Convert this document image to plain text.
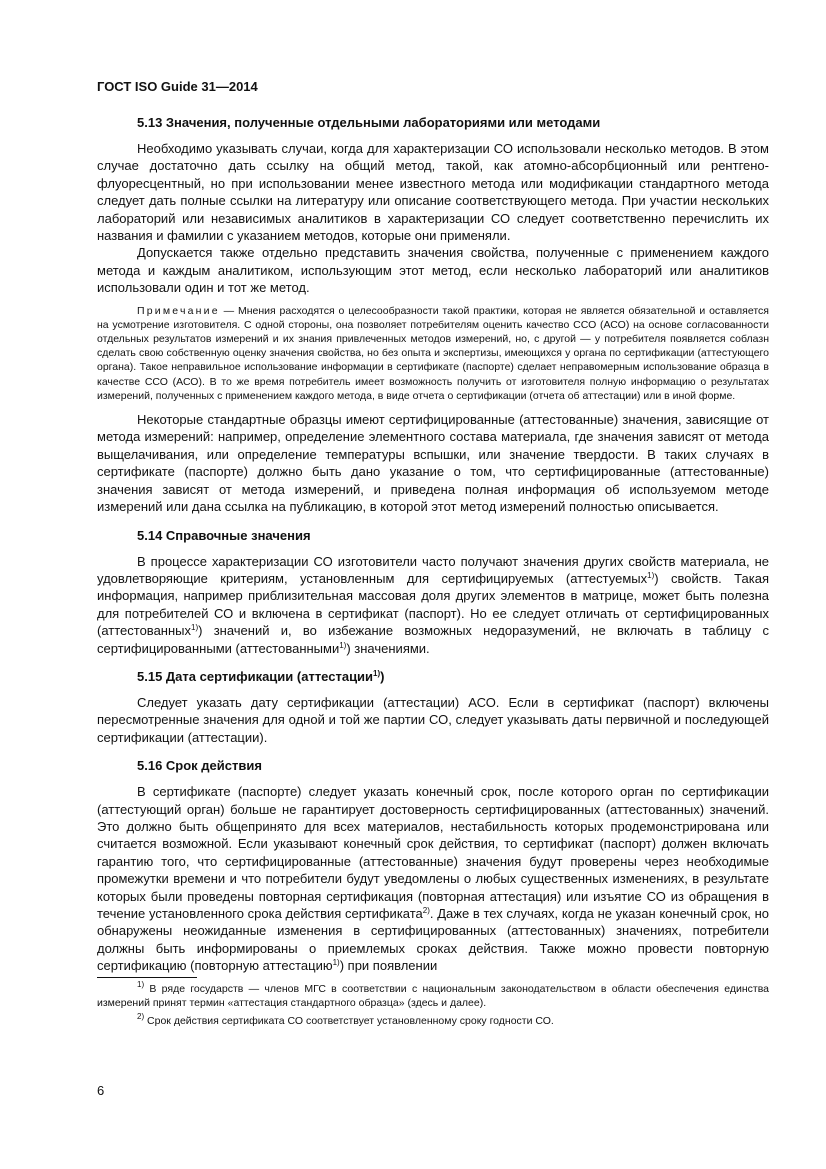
ГОСТ ISO Guide 31—2014
5.13 Значения, полученные отдельными лабораториями или методами

Необходимо указывать случаи, когда для характеризации СО использовали несколько методов. В этом случае достаточно дать ссылку на общий метод, такой, как атомно-абсорбционный или рентгено-флуоресцентный, но при использовании менее известного метода или модификации стандартного метода следует дать полные ссылки на литературу или описание соответствующего метода. При участии нескольких лабораторий или независимых аналитиков в характеризации СО следует соответственно перечислить их названия и фамилии с указанием методов, которые они применяли.

Допускается также отдельно представить значения свойства, полученные с применением каждого метода и каждым аналитиком, использующим этот метод, если несколько лабораторий или аналитиков использовали один и тот же метод.

Примечание — Мнения расходятся о целесообразности такой практики, которая не является обязательной и оставляется на усмотрение изготовителя. С одной стороны, она позволяет потребителям оценить качество ССО (АСО) на основе согласованности отдельных результатов измерений и их знания привлеченных методов измерений, но, с другой — у потребителя появляется соблазн сделать свою собственную оценку значения свойства, но без опыта и экспертизы, имеющихся у органа по сертификации (аттестующего органа). Такое неправильное использование информации в сертификате (паспорте) сделает неправомерным использование образца в качестве ССО (АСО). В то же время потребитель имеет возможность получить от изготовителя полную информацию о результатах измерений, полученных с применением каждого метода, в виде отчета о сертификации (отчета об аттестации) или в иной форме.

Некоторые стандартные образцы имеют сертифицированные (аттестованные) значения, зависящие от метода измерений: например, определение элементного состава материала, где значения зависят от метода выщелачивания, или определение температуры вспышки, или значение твердости. В таких случаях в сертификате (паспорте) должно быть дано указание о том, что сертифицированные (аттестованные) значения зависят от метода измерений, и приведена полная информация об используемом методе измерений или дана ссылка на публикацию, в которой этот метод измерений полностью описывается.

5.14 Справочные значения

В процессе характеризации СО изготовители часто получают значения других свойств материала, не удовлетворяющие критериям, установленным для сертифицируемых (аттестуемых$^{1)}$) свойств. Такая информация, например приблизительная массовая доля других элементов в матрице, может быть полезна для потребителей СО и включена в сертификат (паспорт). Но ее следует отличать от сертифицированных (аттестованных$^{1)}$) значений и, во избежание возможных недоразумений, не включать в таблицу с сертифицированными (аттестованными$^{1)}$) значениями.

5.15 Дата сертификации (аттестации$^{1)}$)

Следует указать дату сертификации (аттестации) АСО. Если в сертификат (паспорт) включены пересмотренные значения для одной и той же партии СО, следует указывать даты первичной и последующей сертификации (аттестации).

5.16 Срок действия

В сертификате (паспорте) следует указать конечный срок, после которого орган по сертификации (аттестующий орган) больше не гарантирует достоверность сертифицированных (аттестованных) значений. Это должно быть общепринято для всех материалов, нестабильность которых продемонстрирована или считается возможной. Если указывают конечный срок действия, то сертификат (паспорт) должен включать гарантию того, что сертифицированные (аттестованные) значения будут проверены через необходимые промежутки времени и что потребители будут уведомлены о любых существенных изменениях, в результате которых были проведены повторная сертификация (повторная аттестация) или изъятие СО из обращения в течение установленного срока действия сертификата$^{2)}$. Даже в тех случаях, когда не указан конечный срок, но обнаружены неожиданные изменения в сертифицированных (аттестованных) значениях, потребители должны быть информированы о приемлемых сроках действия. Также можно провести повторную сертификацию (повторную аттестацию$^{1)}$) при появлении

$^{1)}$ В ряде государств — членов МГС в соответствии с национальным законодательством в области обеспечения единства измерений принят термин «аттестация стандартного образца» (здесь и далее).
$^{2)}$ Срок действия сертификата СО соответствует установленному сроку годности СО.
6
